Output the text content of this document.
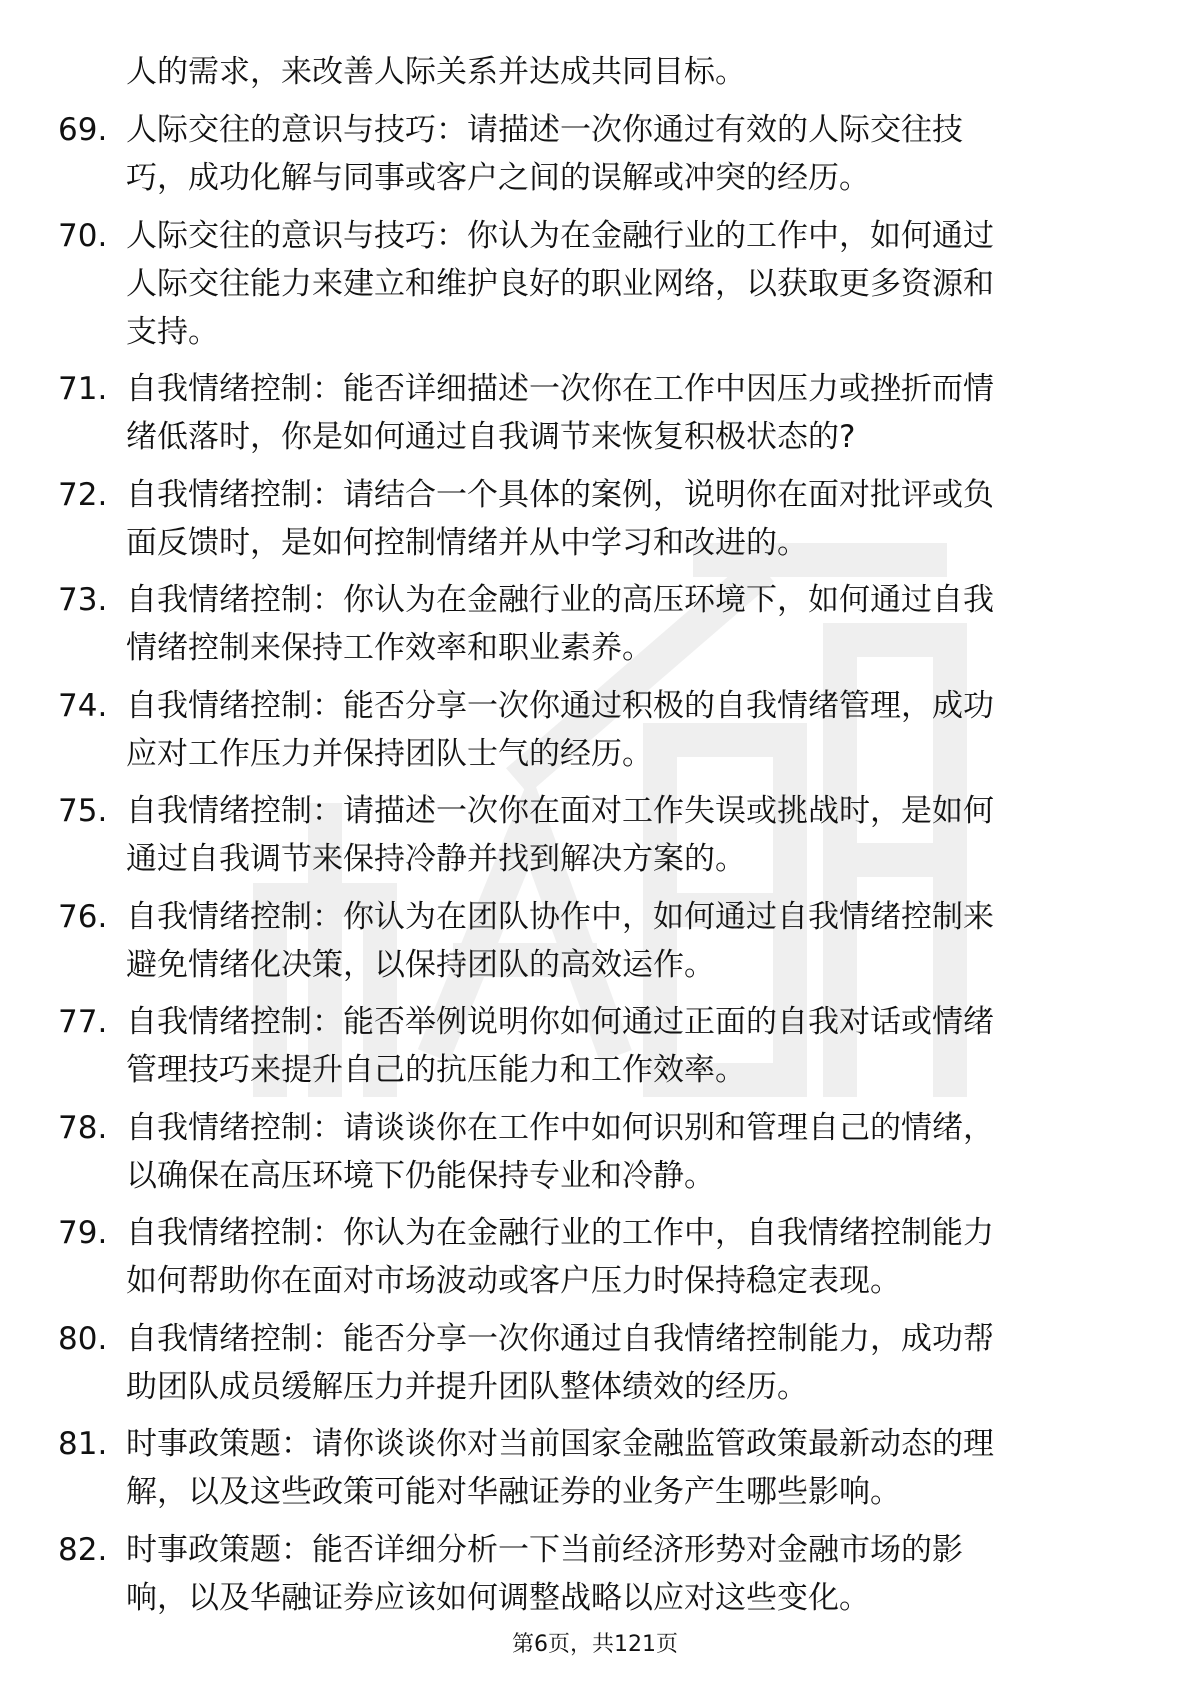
人的需求，来改善人际关系并达成共同目标。
69. 人际交往的意识与技巧：请描述一次你通过有效的人际交往技
巧，成功化解与同事或客户之间的误解或冲突的经历。
70. 人际交往的意识与技巧：你认为在金融行业的工作中，如何通过
人际交往能力来建立和维护良好的职业网络，以获取更多资源和
支持。
71. 自我情绪控制：能否详细描述一次你在工作中因压力或挫折而情
绪低落时，你是如何通过自我调节来恢复积极状态的?
72. 自我情绪控制：请结合一个具体的案例，说明你在面对批评或负
面反馈时，是如何控制情绪并从中学习和改进的。
73. 自我情绪控制：你认为在金融行业的高压环境下，如何通过自我
情绪控制来保持工作效率和职业素养。
74. 自我情绪控制：能否分享一次你通过积极的自我情绪管理，成功
应对工作压力并保持团队士气的经历。
75. 自我情绪控制：请描述一次你在面对工作失误或挑战时，是如何
通过自我调节来保持冷静并找到解决方案的。
76. 自我情绪控制：你认为在团队协作中，如何通过自我情绪控制来
避免情绪化决策，以保持团队的高效运作。
77. 自我情绪控制：能否举例说明你如何通过正面的自我对话或情绪
管理技巧来提升自己的抗压能力和工作效率。
78. 自我情绪控制：请谈谈你在工作中如何识别和管理自己的情绪，
以确保在高压环境下仍能保持专业和冷静。
79. 自我情绪控制：你认为在金融行业的工作中，自我情绪控制能力
如何帮助你在面对市场波动或客户压力时保持稳定表现。
80. 自我情绪控制：能否分享一次你通过自我情绪控制能力，成功帮
助团队成员缓解压力并提升团队整体绩效的经历。
81. 时事政策题：请你谈谈你对当前国家金融监管政策最新动态的理
解，以及这些政策可能对华融证券的业务产生哪些影响。
82. 时事政策题：能否详细分析一下当前经济形势对金融市场的影
响，以及华融证券应该如何调整战略以应对这些变化。
第6页，共121页
